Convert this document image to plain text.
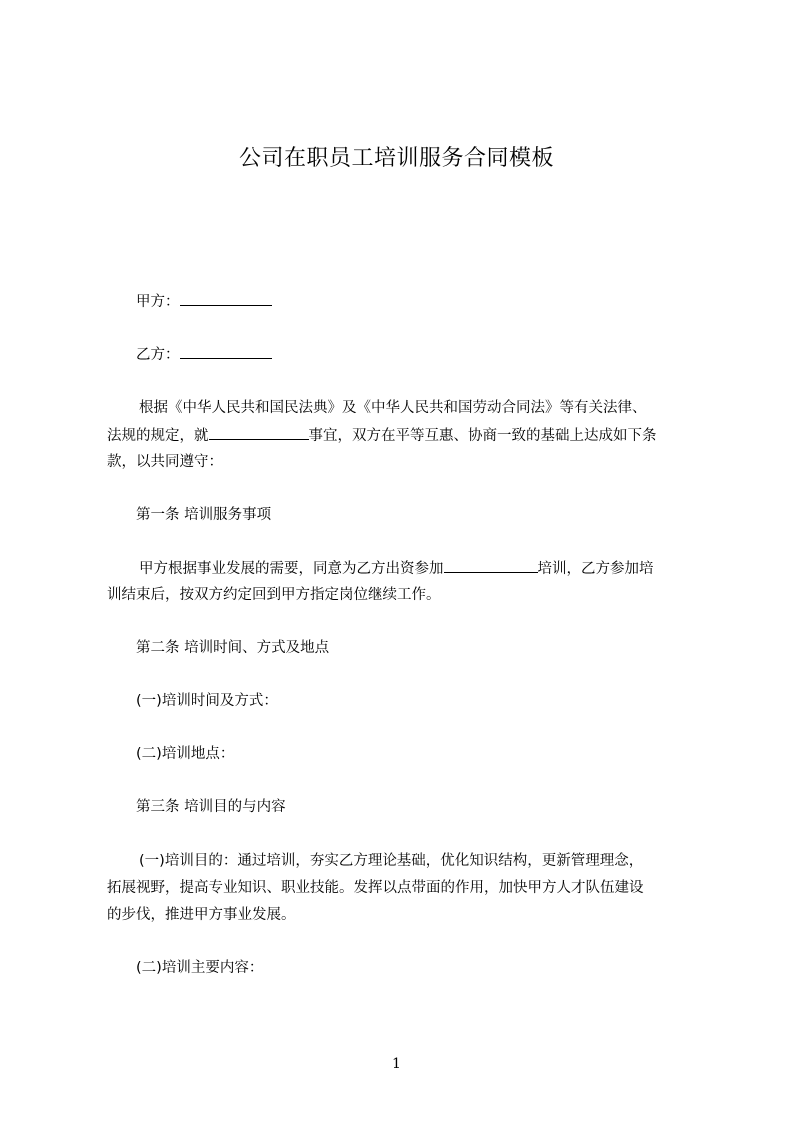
公司在职员工培训服务合同模板
甲方：
乙方：
根据《中华人民共和国民法典》及《中华人民共和国劳动合同法》等有关法律、
法规的规定，就	事宜，双方在平等互惠、协商一致的基础上达成如下条
款，以共同遵守：
第一条 培训服务事项
甲方根据事业发展的需要，同意为乙方出资参加	培训，乙方参加培
训结束后，按双方约定回到甲方指定岗位继续工作。
第二条 培训时间、方式及地点
(一)培训时间及方式：
(二)培训地点：
第三条 培训目的与内容
(一)培训目的：通过培训，夯实乙方理论基础，优化知识结构，更新管理理念，
拓展视野，提高专业知识、职业技能。发挥以点带面的作用，加快甲方人才队伍建设
的步伐，推进甲方事业发展。
(二)培训主要内容：
1
